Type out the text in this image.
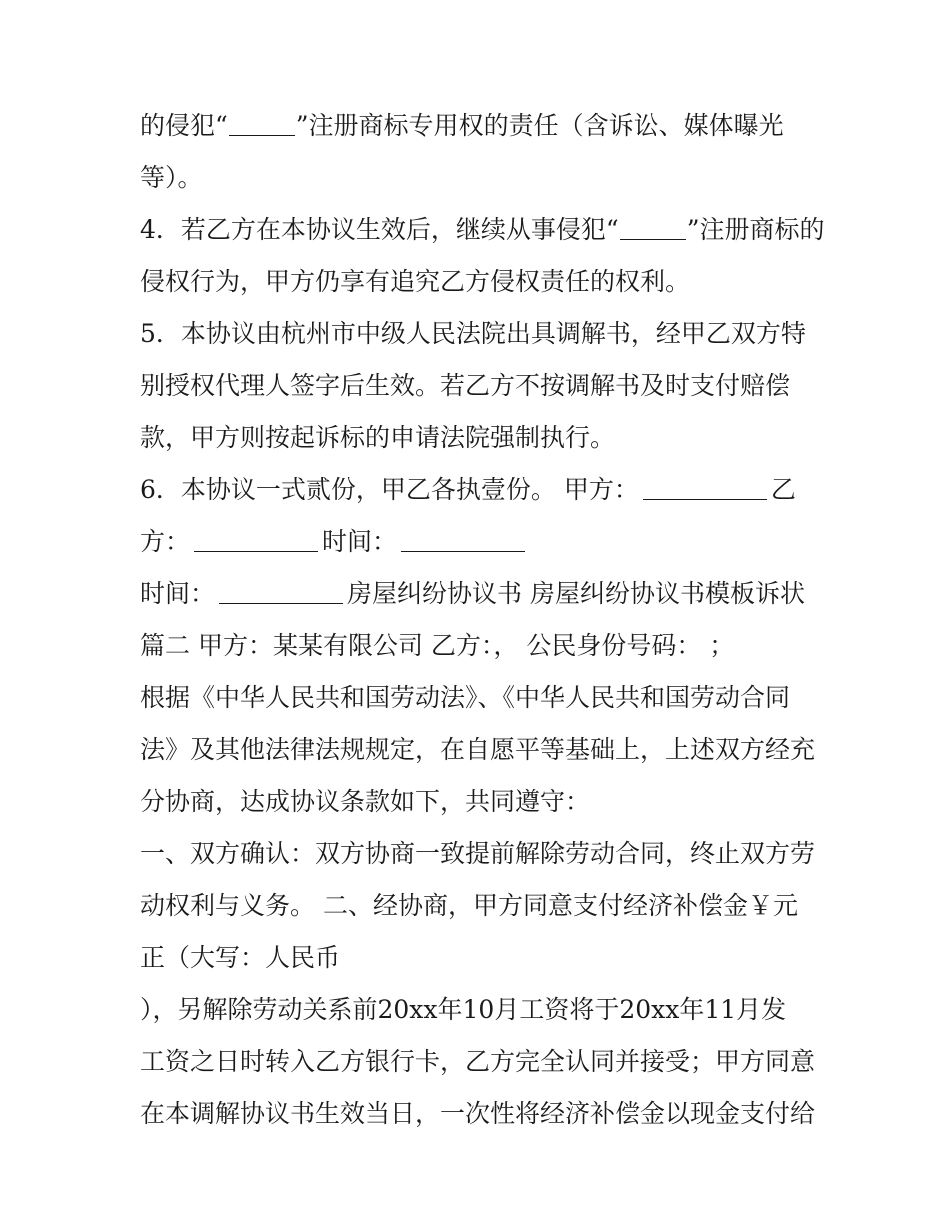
的侵犯“	”注册商标专用权的责任（含诉讼、媒体曝光
等）。
4．若乙方在本协议生效后，继续从事侵犯“	”注册商标的
侵权行为，甲方仍享有追究乙方侵权责任的权利。
5．本协议由杭州市中级人民法院出具调解书，经甲乙双方特
别授权代理人签字后生效。若乙方不按调解书及时支付赔偿
款，甲方则按起诉标的申请法院强制执行。
6．本协议一式贰份，甲乙各执壹份。 甲方：	乙
方：	时间：
时间：	房屋纠纷协议书 房屋纠纷协议书模板诉状
篇二 甲方：某某有限公司 乙方：， 公民身份号码： ；
根据《中华人民共和国劳动法》、《中华人民共和国劳动合同
法》及其他法律法规规定，在自愿平等基础上，上述双方经充
分协商，达成协议条款如下，共同遵守：
一、双方确认：双方协商一致提前解除劳动合同，终止双方劳
动权利与义务。 二、经协商，甲方同意支付经济补偿金￥元
正（大写：人民币
），另解除劳动关系前20xx年10月工资将于20xx年11月发
工资之日时转入乙方银行卡，乙方完全认同并接受；甲方同意
在本调解协议书生效当日，一次性将经济补偿金以现金支付给
